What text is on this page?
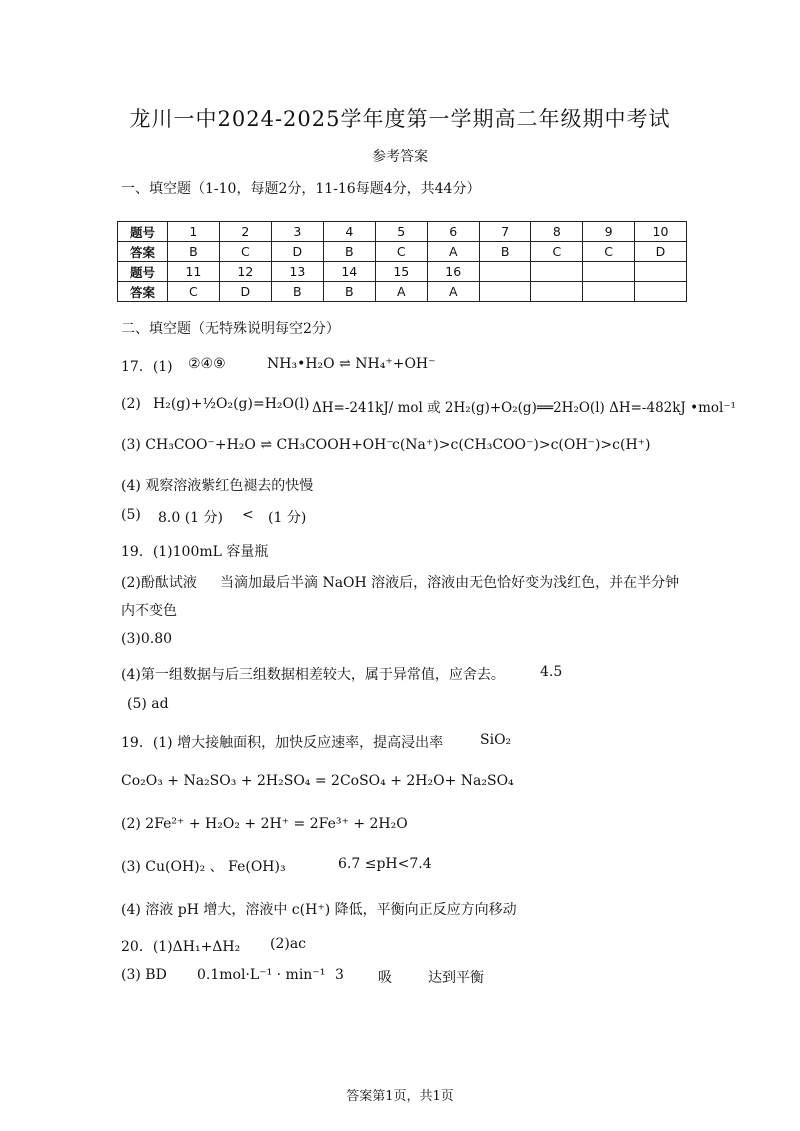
龙川一中2024-2025学年度第一学期高二年级期中考试
参考答案
一、填空题（1-10，每题2分，11-16每题4分，共44分）
题号	1	2	3	4	5	6	7	8	9	10
答案	B	C	D	B	C	A	B	C	C	D
题号	11	12	13	14	15	16				
答案	C	D	B	B	A	A				
二、填空题（无特殊说明每空2分）
17．(1) ②④⑨	NH₃•H₂O ⇌ NH₄⁺+OH⁻
(2) H₂(g)+½O₂(g)=H₂O(l) ΔH=-241kJ/ mol 或 2H₂(g)+O₂(g)══2H₂O(l) ΔH=-482kJ •mol⁻¹
(3) CH₃COO⁻+H₂O ⇌ CH₃COOH+OH⁻
c(Na⁺)>c(CH₃COO⁻)>c(OH⁻)>c(H⁺)
(4) 观察溶液紫红色褪去的快慢
(5) 8.0 (1 分) < (1 分)
19．(1)100mL 容量瓶
(2)酚酞试液 当滴加最后半滴 NaOH 溶液后，溶液由无色恰好变为浅红色，并在半分钟
内不变色
(3)0.80
(4)第一组数据与后三组数据相差较大，属于异常值，应舍去。	4.5
(5) ad
19．(1) 增大接触面积，加快反应速率，提高浸出率	SiO₂
Co₂O₃ + Na₂SO₃ + 2H₂SO₄ = 2CoSO₄ + 2H₂O+ Na₂SO₄
(2) 2Fe²⁺ + H₂O₂ + 2H⁺ = 2Fe³⁺ + 2H₂O
(3) Cu(OH)₂ 、 Fe(OH)₃	6.7 ≤pH<7.4
(4) 溶液 pH 增大，溶液中 c(H⁺) 降低，平衡向正反应方向移动
20．(1)ΔH₁+ΔH₂ (2)ac
(3) BD 0.1mol·L⁻¹ · min⁻¹ 3 吸	达到平衡
答案第1页，共1页
